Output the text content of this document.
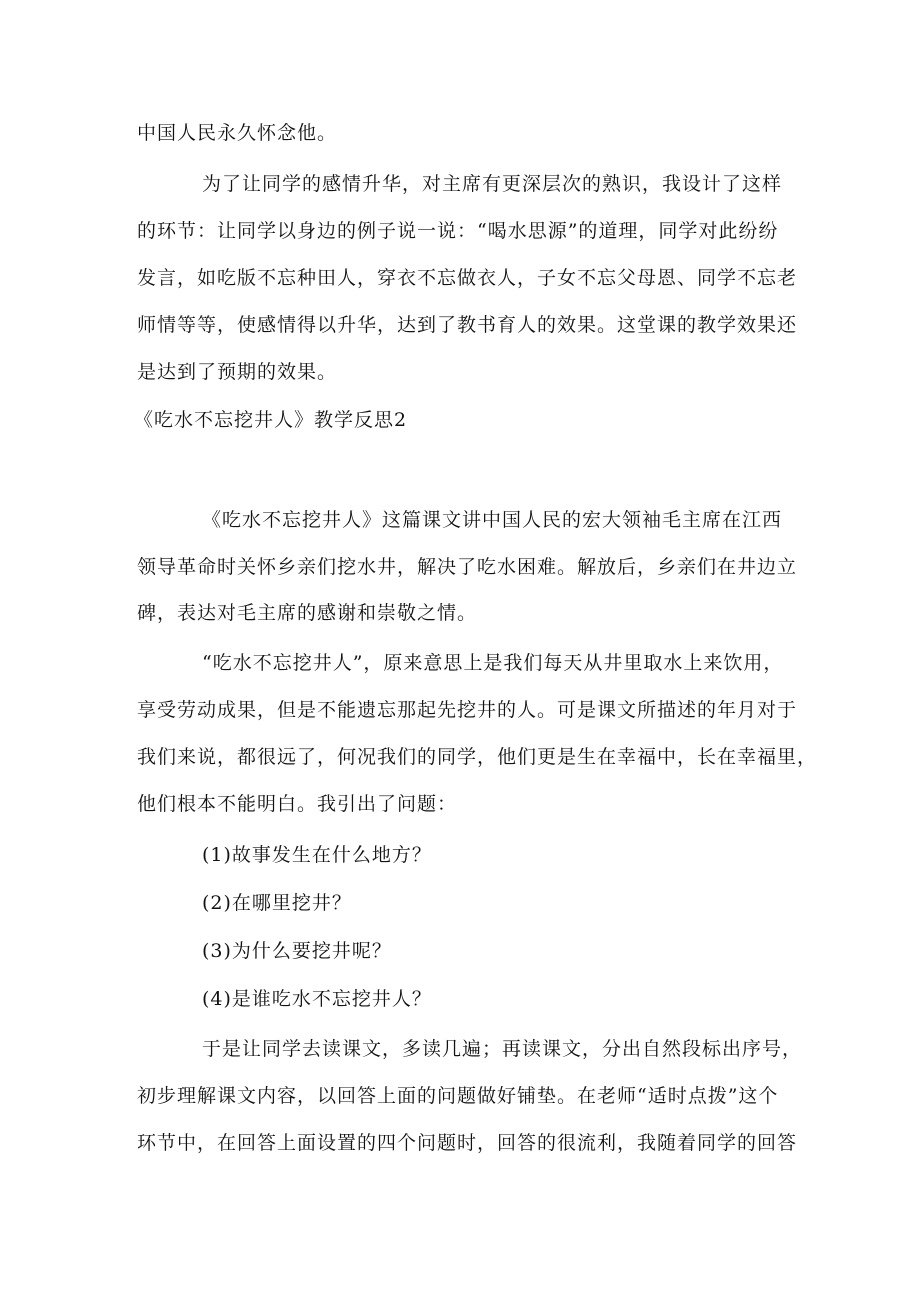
中国人民永久怀念他。
为了让同学的感情升华，对主席有更深层次的熟识，我设计了这样
的环节：让同学以身边的例子说一说：“喝水思源”的道理，同学对此纷纷
发言，如吃版不忘种田人，穿衣不忘做衣人，子女不忘父母恩、同学不忘老
师情等等，使感情得以升华，达到了教书育人的效果。这堂课的教学效果还
是达到了预期的效果。
《吃水不忘挖井人》教学反思2
《吃水不忘挖井人》这篇课文讲中国人民的宏大领袖毛主席在江西
领导革命时关怀乡亲们挖水井，解决了吃水困难。解放后，乡亲们在井边立
碑，表达对毛主席的感谢和崇敬之情。
“吃水不忘挖井人”，原来意思上是我们每天从井里取水上来饮用，
享受劳动成果，但是不能遗忘那起先挖井的人。可是课文所描述的年月对于
我们来说，都很远了，何况我们的同学，他们更是生在幸福中，长在幸福里，
他们根本不能明白。我引出了问题：
(1)故事发生在什么地方？
(2)在哪里挖井？
(3)为什么要挖井呢？
(4)是谁吃水不忘挖井人？
于是让同学去读课文，多读几遍；再读课文，分出自然段标出序号，
初步理解课文内容，以回答上面的问题做好铺垫。在老师“适时点拨”这个
环节中，在回答上面设置的四个问题时，回答的很流利，我随着同学的回答
